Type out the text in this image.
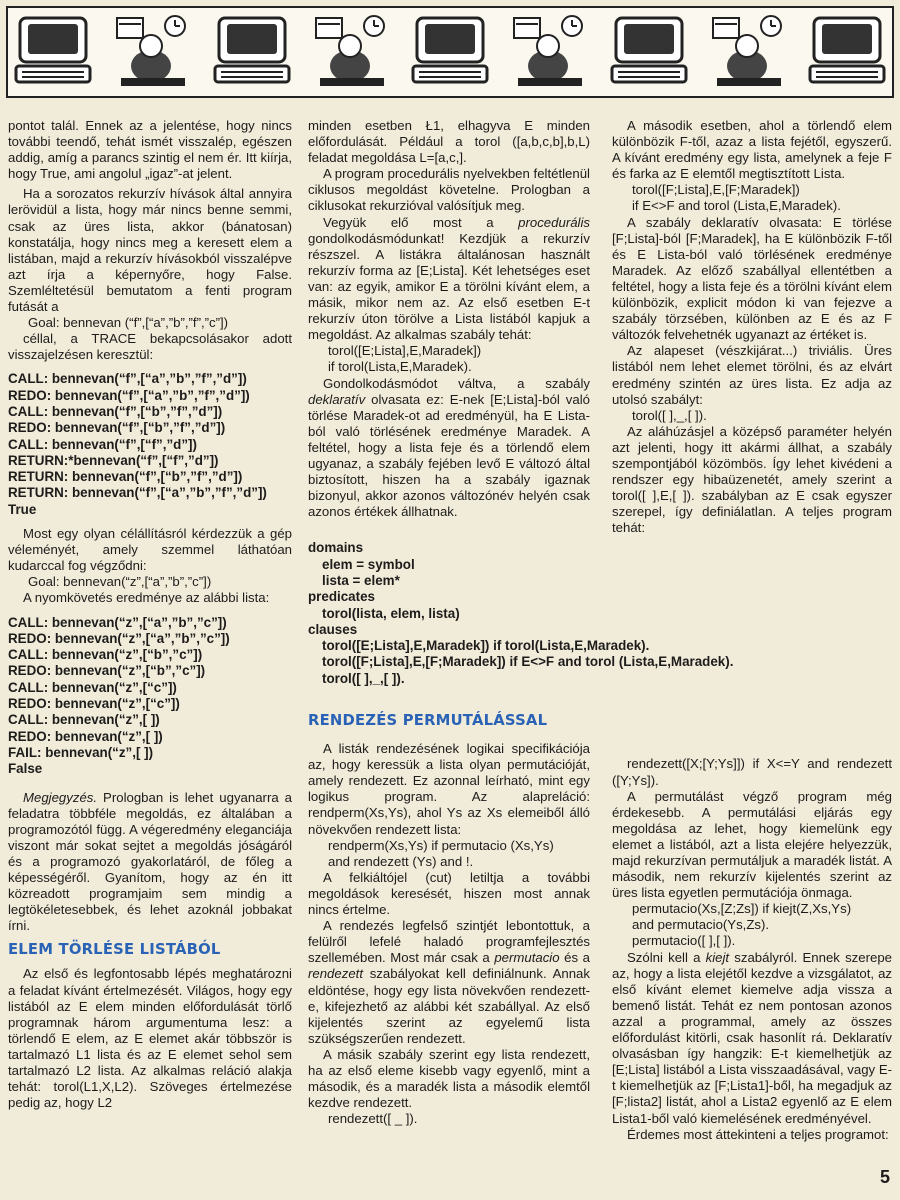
pontot talál. Ennek az a jelentése, hogy nincs további teendő, tehát ismét visszalép, egészen addig, amíg a parancs szintig el nem ér. Itt kiírja, hogy True, ami angolul „igaz”-at jelent.

Ha a sorozatos rekurzív hívások által annyira lerövidül a lista, hogy már nincs benne semmi, csak az üres lista, akkor (bánatosan) konstatálja, hogy nincs meg a keresett elem a listában, majd a rekurzív hívásokból visszalépve azt írja a képernyőre, hogy False. Szemléltetésül bemutatom a fenti program futását a

Goal: bennevan (“f”,[“a”,”b”,”f”,”c”])

céllal, a TRACE bekapcsolásakor adott visszajelzésen keresztül:

CALL: bennevan(“f”,[“a”,”b”,”f”,”d”])

REDO: bennevan(“f”,[“a”,”b”,”f”,”d”])

CALL: bennevan(“f”,[“b”,”f”,”d”])

REDO: bennevan(“f”,[“b”,”f”,”d”])

CALL: bennevan(“f”,[“f”,”d”])

RETURN:*bennevan(“f”,[“f”,”d”])

RETURN: bennevan(“f”,[“b”,”f”,”d”])

RETURN: bennevan(“f”,[“a”,”b”,”f”,”d”])

True

Most egy olyan célállításról kérdezzük a gép véleményét, amely szemmel láthatóan kudarccal fog végződni:

Goal: bennevan(“z”,[“a”,”b”,”c”])

A nyomkövetés eredménye az alábbi lista:

CALL: bennevan(“z”,[“a”,”b”,”c”])

REDO: bennevan(“z”,[“a”,”b”,”c”])

CALL: bennevan(“z”,[“b”,”c”])

REDO: bennevan(“z”,[“b”,”c”])

CALL: bennevan(“z”,[“c”])

REDO: bennevan(“z”,[“c”])

CALL: bennevan(“z”,[ ])

REDO: bennevan(“z”,[ ])

FAIL: bennevan(“z”,[ ])

False

Megjegyzés. Prologban is lehet ugyanarra a feladatra többféle megoldás, ez általában a programozótól függ. A végeredmény eleganciája viszont már sokat sejtet a megoldás jóságáról és a programozó gyakorlatáról, de főleg a képességéről. Gyanítom, hogy az én itt közreadott programjaim sem mindig a legtökéletesebbek, és lehet azoknál jobbakat írni.

ELEM TÖRLÉSE LISTÁBÓL

Az első és legfontosabb lépés meghatározni a feladat kívánt értelmezését. Világos, hogy egy listából az E elem minden előfordulását törlő programnak három argumentuma lesz: a törlendő E elem, az E elemet akár többször is tartalmazó L1 lista és az E elemet sehol sem tartalmazó L2 lista. Az alkalmas reláció alakja tehát: torol(L1,X,L2). Szöveges értelmezése pedig az, hogy L2

minden esetben Ł1, elhagyva E minden előfordulását. Például a torol ([a,b,c,b],b,L) feladat megoldása L=[a,c,].

A program procedurális nyelvekben feltétlenül ciklusos megoldást követelne. Prologban a ciklusokat rekurzióval valósítjuk meg.

Vegyük elő most a procedurális gondolkodásmódunkat! Kezdjük a rekurzív részszel. A listákra általánosan használt rekurzív forma az [E;Lista]. Két lehetséges eset van: az egyik, amikor E a törölni kívánt elem, a másik, mikor nem az. Az első esetben E-t rekurzív úton törölve a Lista listából kapjuk a megoldást. Az alkalmas szabály tehát:

torol([E;Lista],E,Maradek])

if torol(Lista,E,Maradek).

Gondolkodásmódot váltva, a szabály deklaratív olvasata ez: E-nek [E;Lista]-ból való törlése Maradek-ot ad eredményül, ha E Lista-ból való törlésének eredménye Maradek. A feltétel, hogy a lista feje és a törlendő elem ugyanaz, a szabály fejében levő E változó által biztosított, hiszen ha a szabály igaznak bizonyul, akkor azonos változónév helyén csak azonos értékek állhatnak.

domains

elem = symbol

lista = elem*

predicates

torol(lista, elem, lista)

clauses

torol([E;Lista],E,Maradek]) if torol(Lista,E,Maradek).

torol([F;Lista],E,[F;Maradek]) if E<>F and torol (Lista,E,Maradek).

torol([ ],_,[ ]).

RENDEZÉS PERMUTÁLÁSSAL

A listák rendezésének logikai specifikációja az, hogy keressük a lista olyan permutációját, amely rendezett. Ez azonnal leírható, mint egy logikus program. Az alapreláció: rendperm(Xs,Ys), ahol Ys az Xs elemeiből álló növekvően rendezett lista:

rendperm(Xs,Ys) if permutacio (Xs,Ys)

and rendezett (Ys) and !.

A felkiáltójel (cut) letiltja a további megoldások keresését, hiszen most annak nincs értelme.

A rendezés legfelső szintjét lebontottuk, a felülről lefelé haladó programfejlesztés szellemében. Most már csak a permutacio és a rendezett szabályokat kell definiálnunk. Annak eldöntése, hogy egy lista növekvően rendezett-e, kifejezhető az alábbi két szabállyal. Az első kijelentés szerint az egyelemű lista szükségszerűen rendezett.

A másik szabály szerint egy lista rendezett, ha az első eleme kisebb vagy egyenlő, mint a második, és a maradék lista a második elemtől kezdve rendezett.

rendezett([ _ ]).

A második esetben, ahol a törlendő elem különbözik F-től, azaz a lista fejétől, egyszerű. A kívánt eredmény egy lista, amelynek a feje F és farka az E elemtől megtisztított Lista.

torol([F;Lista],E,[F;Maradek])

if E<>F and torol (Lista,E,Maradek).

A szabály deklaratív olvasata: E törlése [F;Lista]-ból [F;Maradek], ha E különbözik F-től és E Lista-ból való törlésének eredménye Maradek. Az előző szabállyal ellentétben a feltétel, hogy a lista feje és a törölni kívánt elem különbözik, explicit módon ki van fejezve a szabály törzsében, különben az E és az F változók felvehetnék ugyanazt az értéket is.

Az alapeset (vészkijárat...) triviális. Üres listából nem lehet elemet törölni, és az elvárt eredmény szintén az üres lista. Ez adja az utolsó szabályt:

torol([ ],_,[ ]).

Az aláhúzásjel a középső paraméter helyén azt jelenti, hogy itt akármi állhat, a szabály szempontjából közömbös. Így lehet kivédeni a rendszer egy hibaüzenetét, amely szerint a torol([ ],E,[ ]). szabályban az E csak egyszer szerepel, így definiálatlan. A teljes program tehát:

rendezett([X;[Y;Ys]]) if X<=Y and rendezett ([Y;Ys]).

A permutálást végző program még érdekesebb. A permutálási eljárás egy megoldása az lehet, hogy kiemelünk egy elemet a listából, azt a lista elejére helyezzük, majd rekurzívan permutáljuk a maradék listát. A második, nem rekurzív kijelentés szerint az üres lista egyetlen permutációja önmaga.

permutacio(Xs,[Z;Zs]) if kiejt(Z,Xs,Ys)

and permutacio(Ys,Zs).

permutacio([ ],[ ]).

Szólni kell a kiejt szabályról. Ennek szerepe az, hogy a lista elejétől kezdve a vizsgálatot, az első kívánt elemet kiemelve adja vissza a bemenő listát. Tehát ez nem pontosan azonos azzal a programmal, amely az összes előfordulást kitörli, csak hasonlít rá. Deklaratív olvasásban így hangzik: E-t kiemelhetjük az [E;Lista] listából a Lista visszaadásával, vagy E-t kiemelhetjük az [F;Lista1]-ből, ha megadjuk az [F;lista2] listát, ahol a Lista2 egyenlő az E elem Lista1-ből való kiemelésének eredményével.

Érdemes most áttekinteni a teljes programot:

5
